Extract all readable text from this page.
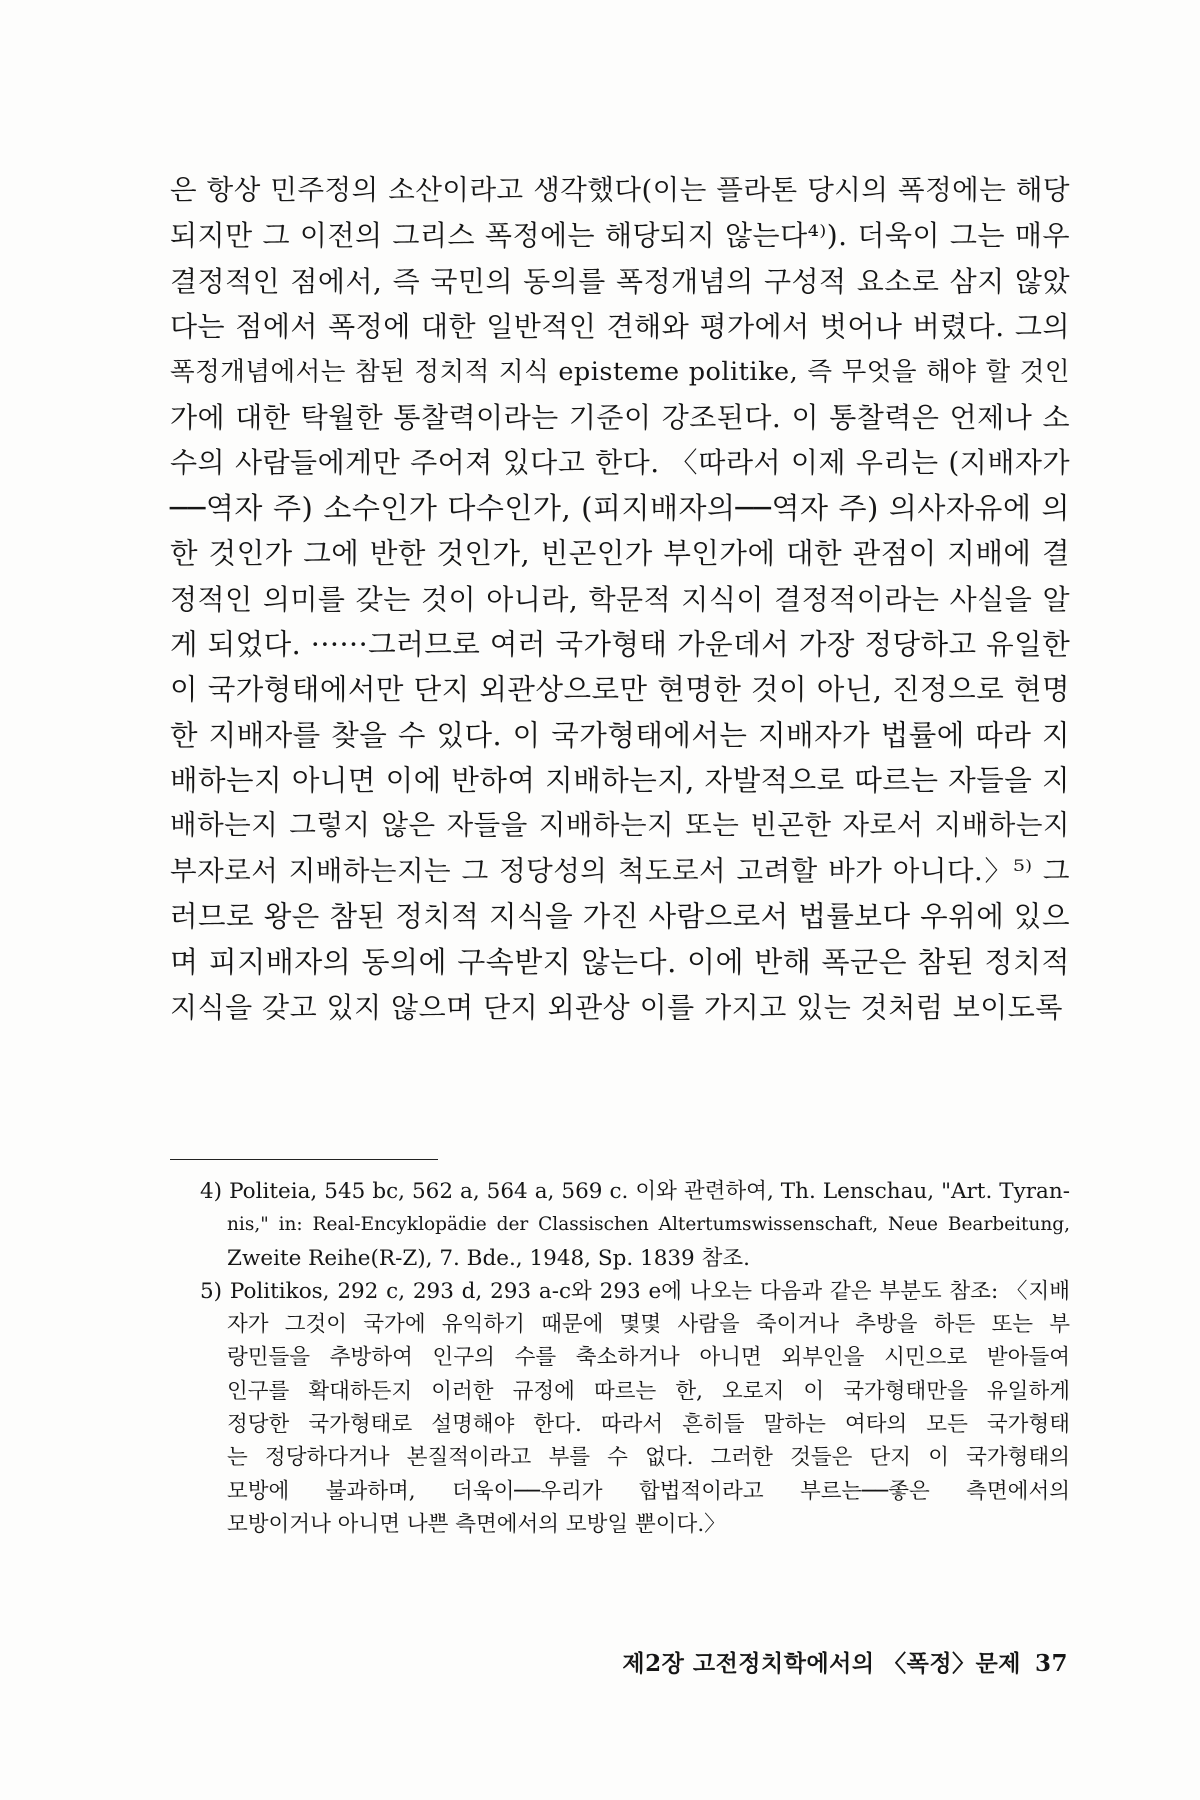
은 항상 민주정의 소산이라고 생각했다(이는 플라톤 당시의 폭정에는 해당
되지만 그 이전의 그리스 폭정에는 해당되지 않는다⁴⁾). 더욱이 그는 매우
결정적인 점에서, 즉 국민의 동의를 폭정개념의 구성적 요소로 삼지 않았
다는 점에서 폭정에 대한 일반적인 견해와 평가에서 벗어나 버렸다. 그의
폭정개념에서는 참된 정치적 지식 episteme politike, 즉 무엇을 해야 할 것인
가에 대한 탁월한 통찰력이라는 기준이 강조된다. 이 통찰력은 언제나 소
수의 사람들에게만 주어져 있다고 한다. 〈따라서 이제 우리는 (지배자가
──역자 주) 소수인가 다수인가, (피지배자의──역자 주) 의사자유에 의
한 것인가 그에 반한 것인가, 빈곤인가 부인가에 대한 관점이 지배에 결
정적인 의미를 갖는 것이 아니라, 학문적 지식이 결정적이라는 사실을 알
게 되었다. ······그러므로 여러 국가형태 가운데서 가장 정당하고 유일한
이 국가형태에서만 단지 외관상으로만 현명한 것이 아닌, 진정으로 현명
한 지배자를 찾을 수 있다. 이 국가형태에서는 지배자가 법률에 따라 지
배하는지 아니면 이에 반하여 지배하는지, 자발적으로 따르는 자들을 지
배하는지 그렇지 않은 자들을 지배하는지 또는 빈곤한 자로서 지배하는지
부자로서 지배하는지는 그 정당성의 척도로서 고려할 바가 아니다.〉⁵⁾ 그
러므로 왕은 참된 정치적 지식을 가진 사람으로서 법률보다 우위에 있으
며 피지배자의 동의에 구속받지 않는다. 이에 반해 폭군은 참된 정치적
지식을 갖고 있지 않으며 단지 외관상 이를 가지고 있는 것처럼 보이도록
4) Politeia, 545 bc, 562 a, 564 a, 569 c. 이와 관련하여, Th. Lenschau, "Art. Tyran-
nis," in: Real-Encyklopädie der Classischen Altertumswissenschaft, Neue Bearbeitung,
Zweite Reihe(R-Z), 7. Bde., 1948, Sp. 1839 참조.
5) Politikos, 292 c, 293 d, 293 a-c와 293 e에 나오는 다음과 같은 부분도 참조: 〈지배
자가 그것이 국가에 유익하기 때문에 몇몇 사람을 죽이거나 추방을 하든 또는 부
랑민들을 추방하여 인구의 수를 축소하거나 아니면 외부인을 시민으로 받아들여
인구를 확대하든지 이러한 규정에 따르는 한, 오로지 이 국가형태만을 유일하게
정당한 국가형태로 설명해야 한다. 따라서 흔히들 말하는 여타의 모든 국가형태
는 정당하다거나 본질적이라고 부를 수 없다. 그러한 것들은 단지 이 국가형태의
모방에 불과하며, 더욱이──우리가 합법적이라고 부르는──좋은 측면에서의
모방이거나 아니면 나쁜 측면에서의 모방일 뿐이다.〉
제2장 고전정치학에서의 〈폭정〉문제 37
